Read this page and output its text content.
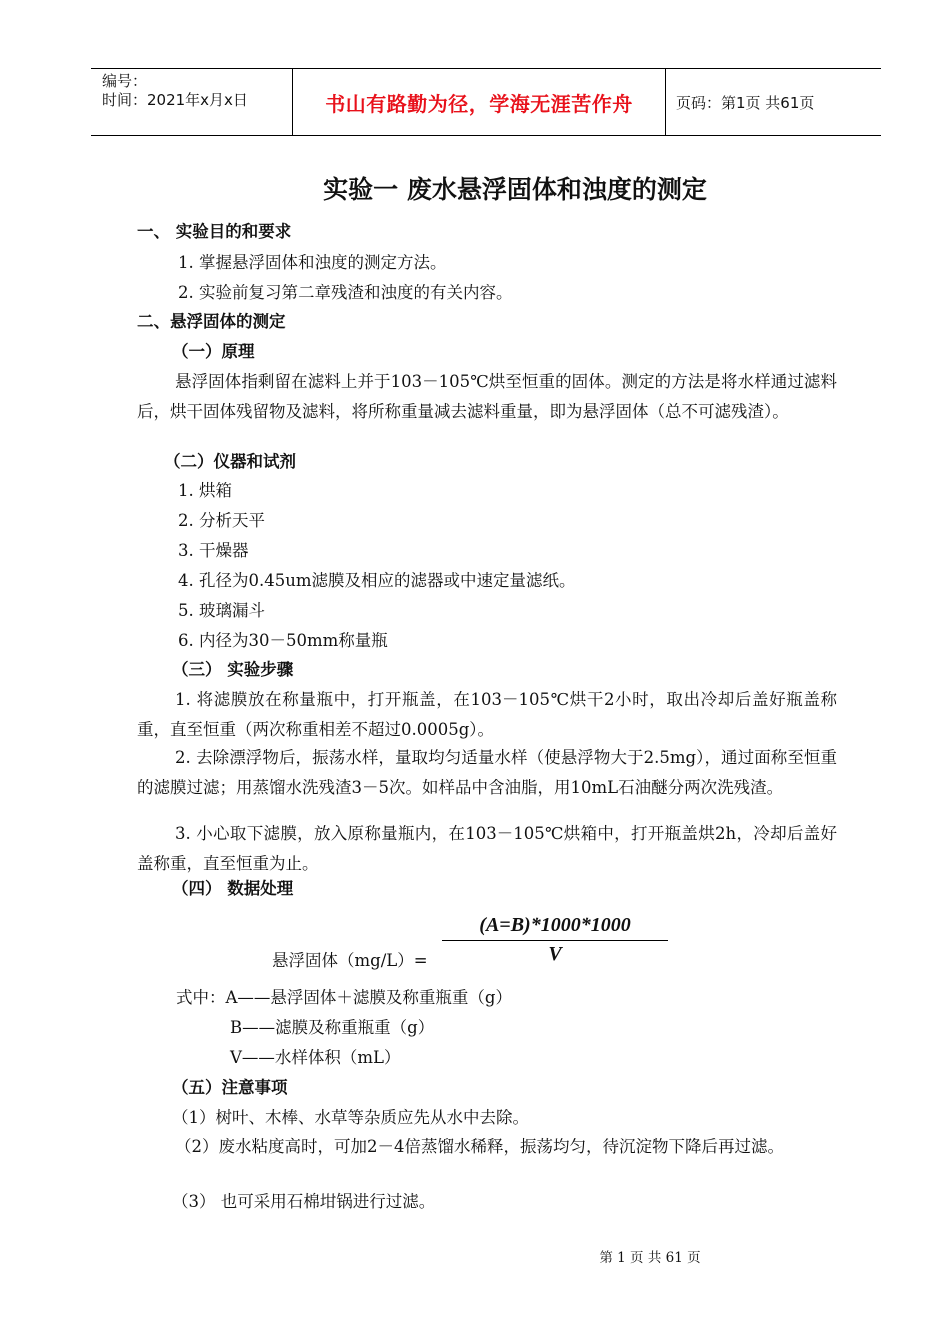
编号：
时间：2021年x月x日	书山有路勤为径，学海无涯苦作舟	页码：第1页 共61页
实验一 废水悬浮固体和浊度的测定
一、 实验目的和要求
1. 掌握悬浮固体和浊度的测定方法。
2. 实验前复习第二章残渣和浊度的有关内容。
二、悬浮固体的测定
（一）原理

悬浮固体指剩留在滤料上并于103－105℃烘至恒重的固体。测定的方法是将水样通过滤料后，烘干固体残留物及滤料，将所称重量减去滤料重量，即为悬浮固体（总不可滤残渣）。

（二）仪器和试剂
1. 烘箱
2. 分析天平
3. 干燥器
4. 孔径为0.45um滤膜及相应的滤器或中速定量滤纸。
5. 玻璃漏斗
6. 内径为30－50mm称量瓶
（三） 实验步骤

1. 将滤膜放在称量瓶中，打开瓶盖，在103－105℃烘干2小时，取出冷却后盖好瓶盖称重，直至恒重（两次称重相差不超过0.0005g）。

2. 去除漂浮物后，振荡水样，量取均匀适量水样（使悬浮物大于2.5mg），通过面称至恒重的滤膜过滤；用蒸馏水洗残渣3－5次。如样品中含油脂，用10mL石油醚分两次洗残渣。

3. 小心取下滤膜，放入原称量瓶内，在103－105℃烘箱中，打开瓶盖烘2h，冷却后盖好盖称重，直至恒重为止。

（四） 数据处理
$\frac{(A=B)*1000*1000}{V}$
悬浮固体（mg/L）=
式中：A——悬浮固体＋滤膜及称重瓶重（g）
B——滤膜及称重瓶重（g）
V——水样体积（mL）
（五）注意事项
（1）树叶、木棒、水草等杂质应先从水中去除。

（2）废水粘度高时，可加2－4倍蒸馏水稀释，振荡均匀，待沉淀物下降后再过滤。

（3） 也可采用石棉坩锅进行过滤。
第 1 页 共 61 页
